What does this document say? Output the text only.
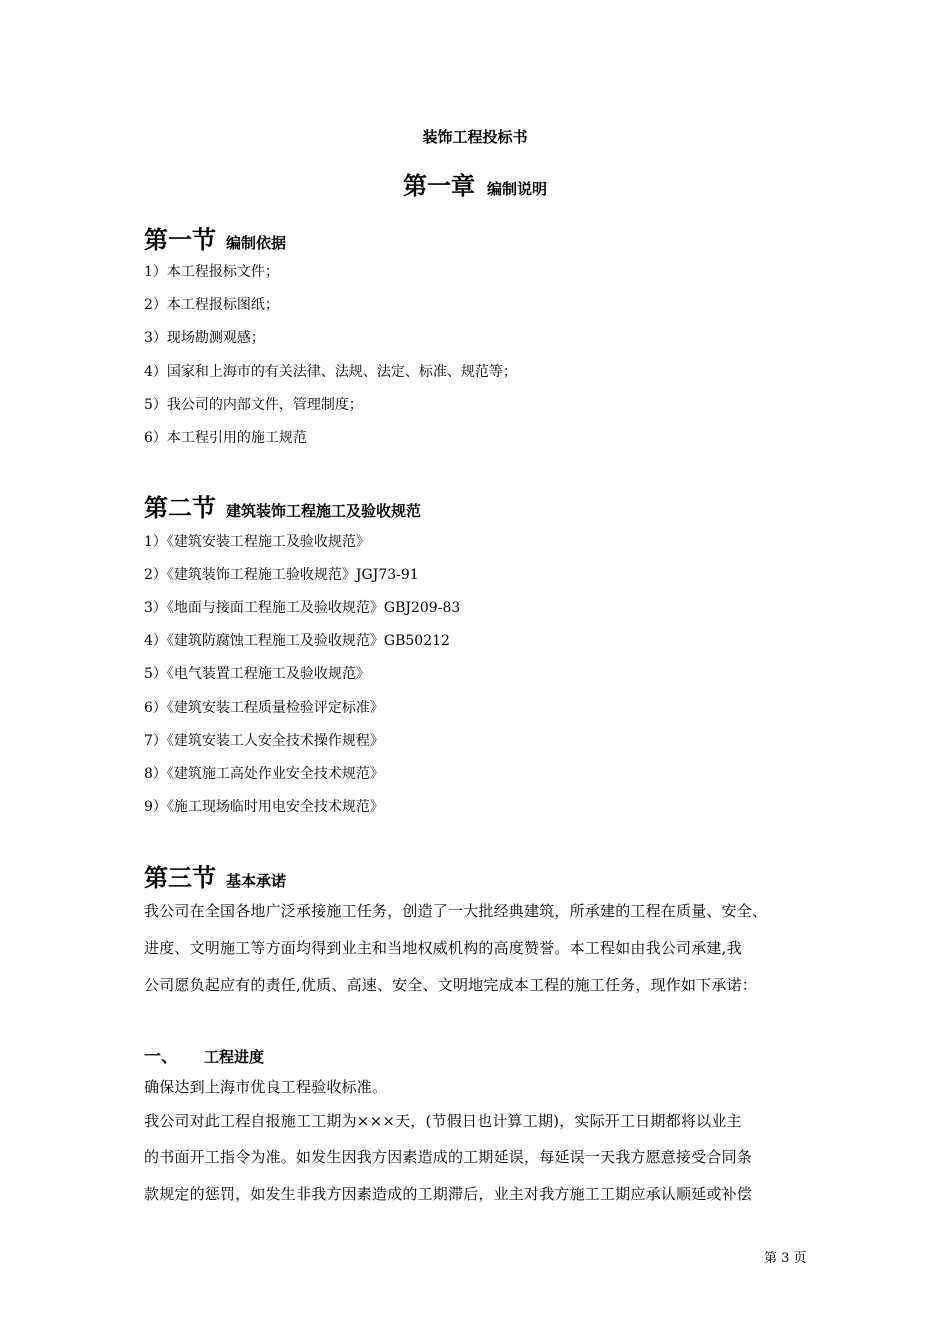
装饰工程投标书
第一章 编制说明
第一节 编制依据
1）本工程报标文件；
2）本工程报标图纸；
3）现场勘测观感；
4）国家和上海市的有关法律、法规、法定、标准、规范等；
5）我公司的内部文件，管理制度；
6）本工程引用的施工规范
第二节 建筑装饰工程施工及验收规范
1）《建筑安装工程施工及验收规范》
2）《建筑装饰工程施工验收规范》JGJ73-91
3）《地面与接面工程施工及验收规范》GBJ209-83
4）《建筑防腐蚀工程施工及验收规范》GB50212
5）《电气装置工程施工及验收规范》
6）《建筑安装工程质量检验评定标准》
7）《建筑安装工人安全技术操作规程》
8）《建筑施工高处作业安全技术规范》
9）《施工现场临时用电安全技术规范》
第三节 基本承诺
我公司在全国各地广泛承接施工任务，创造了一大批经典建筑，所承建的工程在质量、安全、
进度、文明施工等方面均得到业主和当地权威机构的高度赞誉。本工程如由我公司承建,我
公司愿负起应有的责任,优质、高速、安全、文明地完成本工程的施工任务，现作如下承诺：
一、 工程进度
确保达到上海市优良工程验收标准。
我公司对此工程自报施工工期为×××天，(节假日也计算工期)，实际开工日期都将以业主
的书面开工指令为准。如发生因我方因素造成的工期延误，每延误一天我方愿意接受合同条
款规定的惩罚，如发生非我方因素造成的工期滞后，业主对我方施工工期应承认顺延或补偿
第 3 页
